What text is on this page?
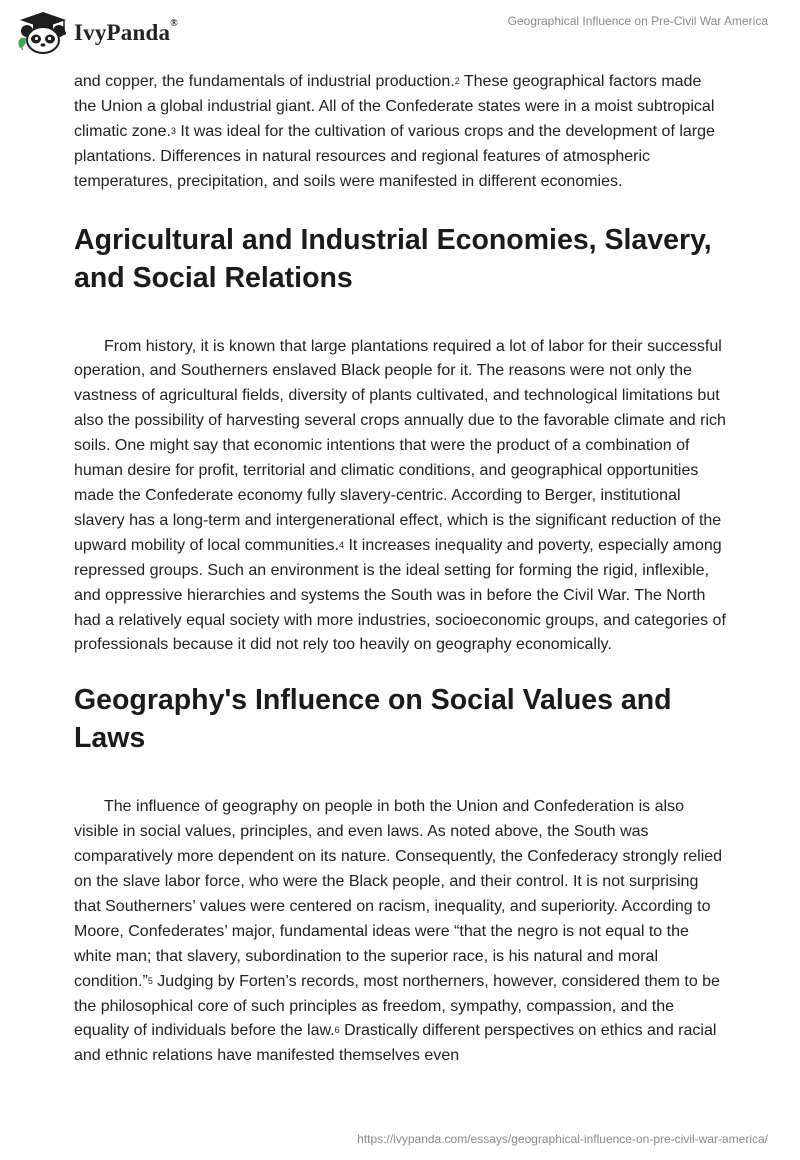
IvyPanda®	Geographical Influence on Pre-Civil War America

and copper, the fundamentals of industrial production.$^2$ These geographical factors made the Union a global industrial giant. All of the Confederate states were in a moist subtropical climatic zone.$^3$ It was ideal for the cultivation of various crops and the development of large plantations. Differences in natural resources and regional features of atmospheric temperatures, precipitation, and soils were manifested in different economies.

Agricultural and Industrial Economies, Slavery, and Social Relations

From history, it is known that large plantations required a lot of labor for their successful operation, and Southerners enslaved Black people for it. The reasons were not only the vastness of agricultural fields, diversity of plants cultivated, and technological limitations but also the possibility of harvesting several crops annually due to the favorable climate and rich soils. One might say that economic intentions that were the product of a combination of human desire for profit, territorial and climatic conditions, and geographical opportunities made the Confederate economy fully slavery-centric. According to Berger, institutional slavery has a long-term and intergenerational effect, which is the significant reduction of the upward mobility of local communities.$^4$ It increases inequality and poverty, especially among repressed groups. Such an environment is the ideal setting for forming the rigid, inflexible, and oppressive hierarchies and systems the South was in before the Civil War. The North had a relatively equal society with more industries, socioeconomic groups, and categories of professionals because it did not rely too heavily on geography economically.

Geography's Influence on Social Values and Laws

The influence of geography on people in both the Union and Confederation is also visible in social values, principles, and even laws. As noted above, the South was comparatively more dependent on its nature. Consequently, the Confederacy strongly relied on the slave labor force, who were the Black people, and their control. It is not surprising that Southerners’ values were centered on racism, inequality, and superiority. According to Moore, Confederates’ major, fundamental ideas were “that the negro is not equal to the white man; that slavery, subordination to the superior race, is his natural and moral condition.”$^5$ Judging by Forten’s records, most northerners, however, considered them to be the philosophical core of such principles as freedom, sympathy, compassion, and the equality of individuals before the law.$^6$ Drastically different perspectives on ethics and racial and ethnic relations have manifested themselves even

https://ivypanda.com/essays/geographical-influence-on-pre-civil-war-america/
